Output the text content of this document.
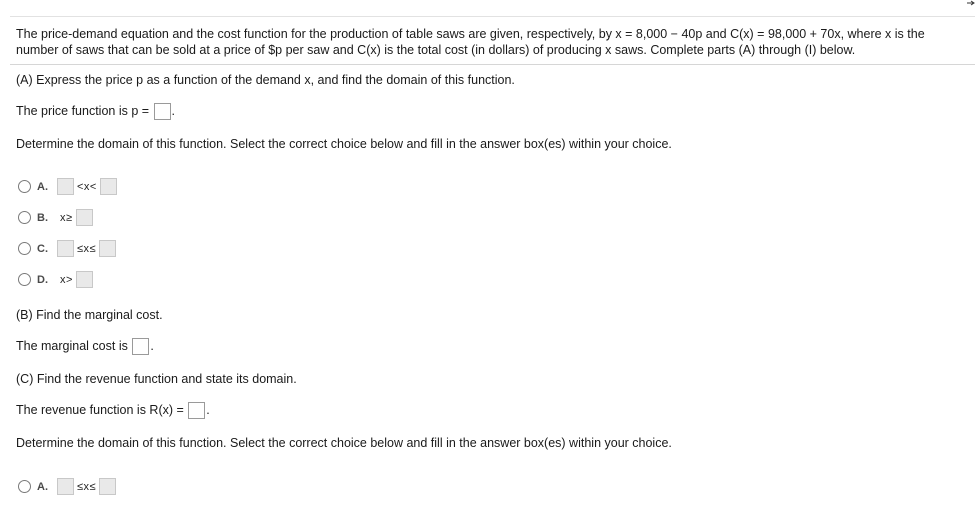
The price-demand equation and the cost function for the production of table saws are given, respectively, by x = 8,000 − 40p and C(x) = 98,000 + 70x, where x is the number of saws that can be sold at a price of $p per saw and C(x) is the total cost (in dollars) of producing x saws. Complete parts (A) through (I) below.
(A) Express the price p as a function of the demand x, and find the domain of this function.
The price function is p = .
Determine the domain of this function. Select the correct choice below and fill in the answer box(es) within your choice.
A.	<x<
B. x≥
C.	≤x≤
D. x>
(B) Find the marginal cost.
The marginal cost is .
(C) Find the revenue function and state its domain.
The revenue function is R(x) = .
Determine the domain of this function. Select the correct choice below and fill in the answer box(es) within your choice.
A.	≤x≤
